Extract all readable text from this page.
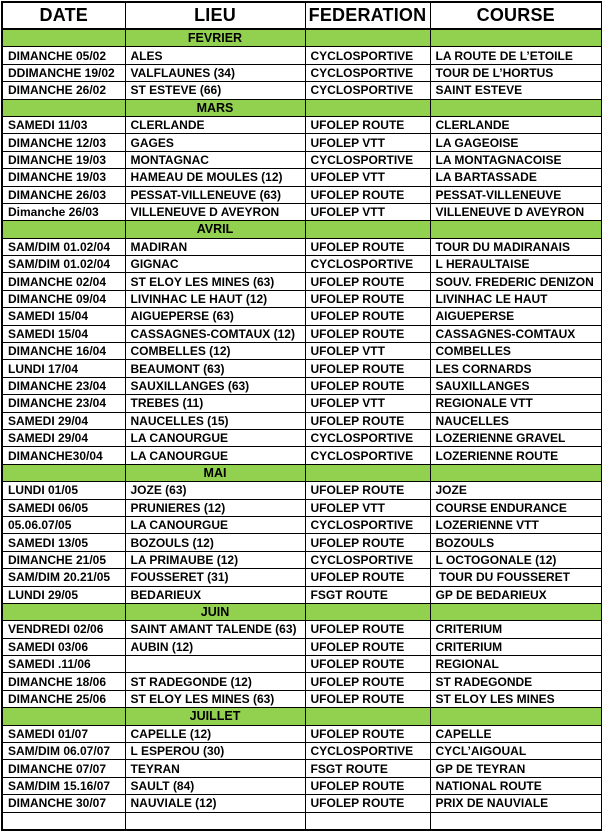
DATE	LIEU	FEDERATION	COURSE
	FEVRIER		
DIMANCHE 05/02	ALES	CYCLOSPORTIVE	LA ROUTE DE L’ETOILE
DDIMANCHE 19/02	VALFLAUNES (34)	CYCLOSPORTIVE	TOUR DE L’HORTUS
DIMANCHE 26/02	ST ESTEVE (66)	CYCLOSPORTIVE	SAINT ESTEVE
	MARS		
SAMEDI 11/03	CLERLANDE	UFOLEP ROUTE	CLERLANDE
DIMANCHE 12/03	GAGES	UFOLEP VTT	LA GAGEOISE
DIMANCHE 19/03	MONTAGNAC	CYCLOSPORTIVE	LA MONTAGNACOISE
DIMANCHE 19/03	HAMEAU DE MOULES (12)	UFOLEP VTT	LA BARTASSADE
DIMANCHE 26/03	PESSAT-VILLENEUVE (63)	UFOLEP ROUTE	PESSAT-VILLENEUVE
Dimanche 26/03	VILLENEUVE D AVEYRON	UFOLEP VTT	VILLENEUVE D AVEYRON
	AVRIL		
SAM/DIM 01.02/04	MADIRAN	UFOLEP ROUTE	TOUR DU MADIRANAIS
SAM/DIM 01.02/04	GIGNAC	CYCLOSPORTIVE	L HERAULTAISE
DIMANCHE 02/04	ST ELOY LES MINES (63)	UFOLEP ROUTE	SOUV. FREDERIC DENIZON
DIMANCHE 09/04	LIVINHAC LE HAUT (12)	UFOLEP ROUTE	LIVINHAC LE HAUT
SAMEDI 15/04	AIGUEPERSE (63)	UFOLEP ROUTE	AIGUEPERSE
SAMEDI 15/04	CASSAGNES-COMTAUX (12)	UFOLEP ROUTE	CASSAGNES-COMTAUX
DIMANCHE 16/04	COMBELLES (12)	UFOLEP VTT	COMBELLES
LUNDI 17/04	BEAUMONT (63)	UFOLEP ROUTE	LES CORNARDS
DIMANCHE 23/04	SAUXILLANGES (63)	UFOLEP ROUTE	SAUXILLANGES
DIMANCHE 23/04	TREBES (11)	UFOLEP VTT	REGIONALE VTT
SAMEDI 29/04	NAUCELLES (15)	UFOLEP ROUTE	NAUCELLES
SAMEDI 29/04	LA CANOURGUE	CYCLOSPORTIVE	LOZERIENNE GRAVEL
DIMANCHE30/04	LA CANOURGUE	CYCLOSPORTIVE	LOZERIENNE ROUTE
	MAI		
LUNDI 01/05	JOZE (63)	UFOLEP ROUTE	JOZE
SAMEDI 06/05	PRUNIERES (12)	UFOLEP VTT	COURSE ENDURANCE
05.06.07/05	LA CANOURGUE	CYCLOSPORTIVE	LOZERIENNE VTT
SAMEDI 13/05	BOZOULS (12)	UFOLEP ROUTE	BOZOULS
DIMANCHE 21/05	LA PRIMAUBE (12)	CYCLOSPORTIVE	L OCTOGONALE (12)
SAM/DIM 20.21/05	FOUSSERET (31)	UFOLEP ROUTE	TOUR DU FOUSSERET
LUNDI 29/05	BEDARIEUX	FSGT ROUTE	GP DE BEDARIEUX
	JUIN		
VENDREDI 02/06	SAINT AMANT TALENDE (63)	UFOLEP ROUTE	CRITERIUM
SAMEDI 03/06	AUBIN (12)	UFOLEP ROUTE	CRITERIUM
SAMEDI .11/06		UFOLEP ROUTE	REGIONAL
DIMANCHE 18/06	ST RADEGONDE (12)	UFOLEP ROUTE	ST RADEGONDE
DIMANCHE 25/06	ST ELOY LES MINES (63)	UFOLEP ROUTE	ST ELOY LES MINES
	JUILLET		
SAMEDI 01/07	CAPELLE (12)	UFOLEP ROUTE	CAPELLE
SAM/DIM 06.07/07	L ESPEROU (30)	CYCLOSPORTIVE	CYCL’AIGOUAL
DIMANCHE 07/07	TEYRAN	FSGT ROUTE	GP DE TEYRAN
SAM/DIM 15.16/07	SAULT (84)	UFOLEP ROUTE	NATIONAL ROUTE
DIMANCHE 30/07	NAUVIALE (12)	UFOLEP ROUTE	PRIX DE NAUVIALE
